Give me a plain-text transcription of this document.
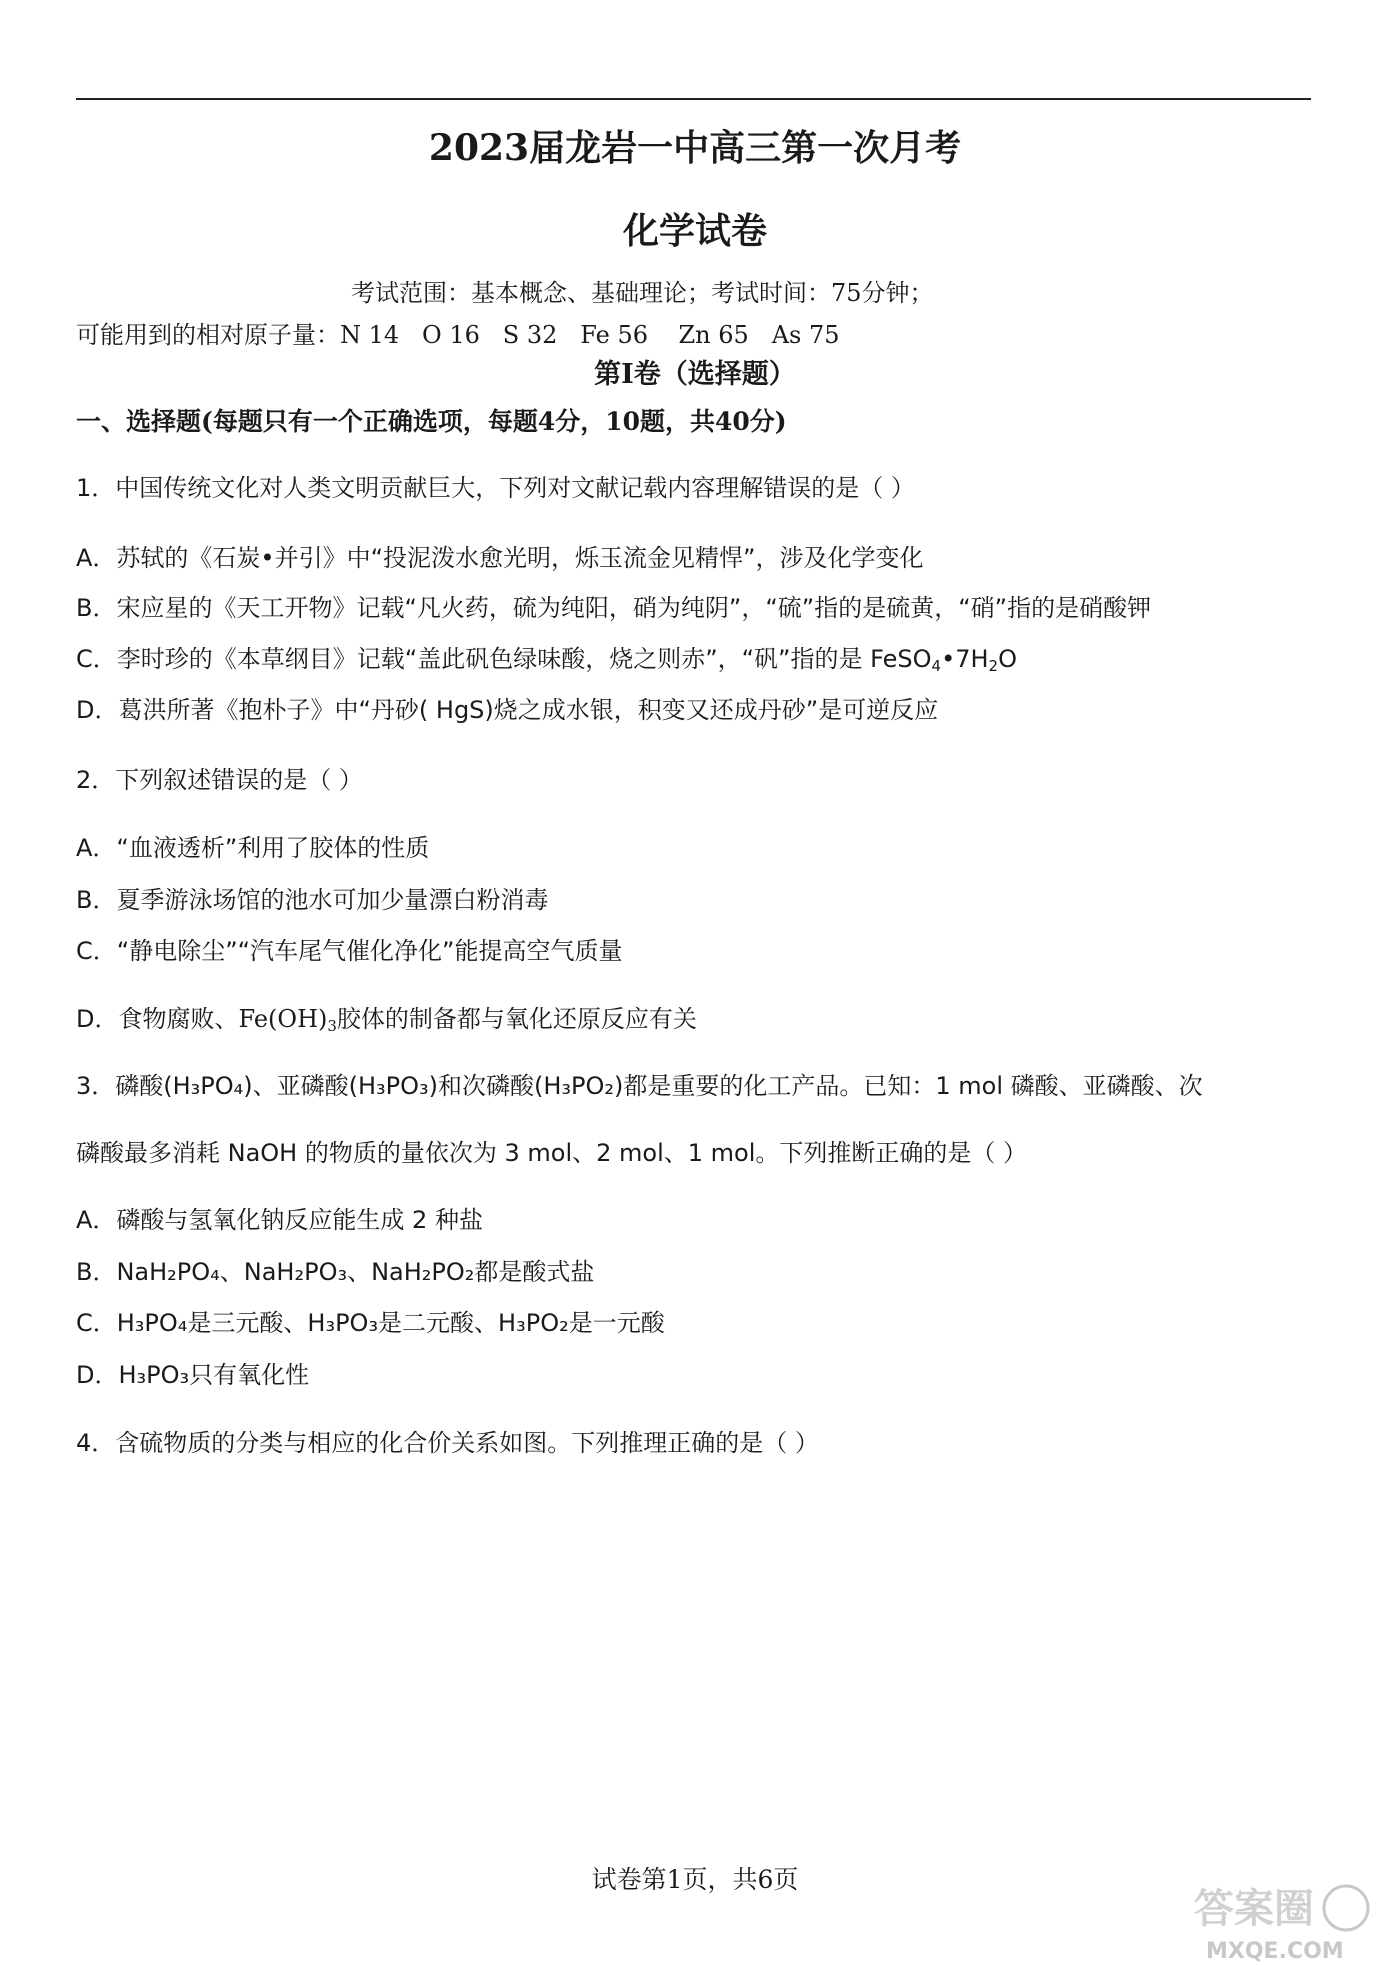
2023届龙岩一中高三第一次月考
化学试卷
考试范围：基本概念、基础理论；考试时间：75分钟；
可能用到的相对原子量：N 14   O 16   S 32   Fe 56    Zn 65   As 75
第Ⅰ卷（选择题）
一、选择题(每题只有一个正确选项，每题4分，10题，共40分)
1．中国传统文化对人类文明贡献巨大，下列对文献记载内容理解错误的是（ ）
A．苏轼的《石炭•并引》中“投泥泼水愈光明，烁玉流金见精悍”，涉及化学变化
B．宋应星的《天工开物》记载“凡火药，硫为纯阳，硝为纯阴”，“硫”指的是硫黄，“硝”指的是硝酸钾
C．李时珍的《本草纲目》记载“盖此矾色绿味酸，烧之则赤”，“矾”指的是 $FeSO_4•7H_2O$
D．葛洪所著《抱朴子》中“丹砂( HgS)烧之成水银，积变又还成丹砂”是可逆反应
2．下列叙述错误的是（ ）
A．“血液透析”利用了胶体的性质
B．夏季游泳场馆的池水可加少量漂白粉消毒
C．“静电除尘”“汽车尾气催化净化”能提高空气质量
D．食物腐败、$Fe(OH)_3$胶体的制备都与氧化还原反应有关
3．磷酸(H₃PO₄)、亚磷酸(H₃PO₃)和次磷酸(H₃PO₂)都是重要的化工产品。已知：1 mol 磷酸、亚磷酸、次
磷酸最多消耗 NaOH 的物质的量依次为 3 mol、2 mol、1 mol。下列推断正确的是（ ）
A．磷酸与氢氧化钠反应能生成 2 种盐
B．NaH₂PO₄、NaH₂PO₃、NaH₂PO₂都是酸式盐
C．H₃PO₄是三元酸、H₃PO₃是二元酸、H₃PO₂是一元酸
D．H₃PO₃只有氧化性
4．含硫物质的分类与相应的化合价关系如图。下列推理正确的是（ ）
试卷第1页，共6页
答案圈
MXQE.COM
